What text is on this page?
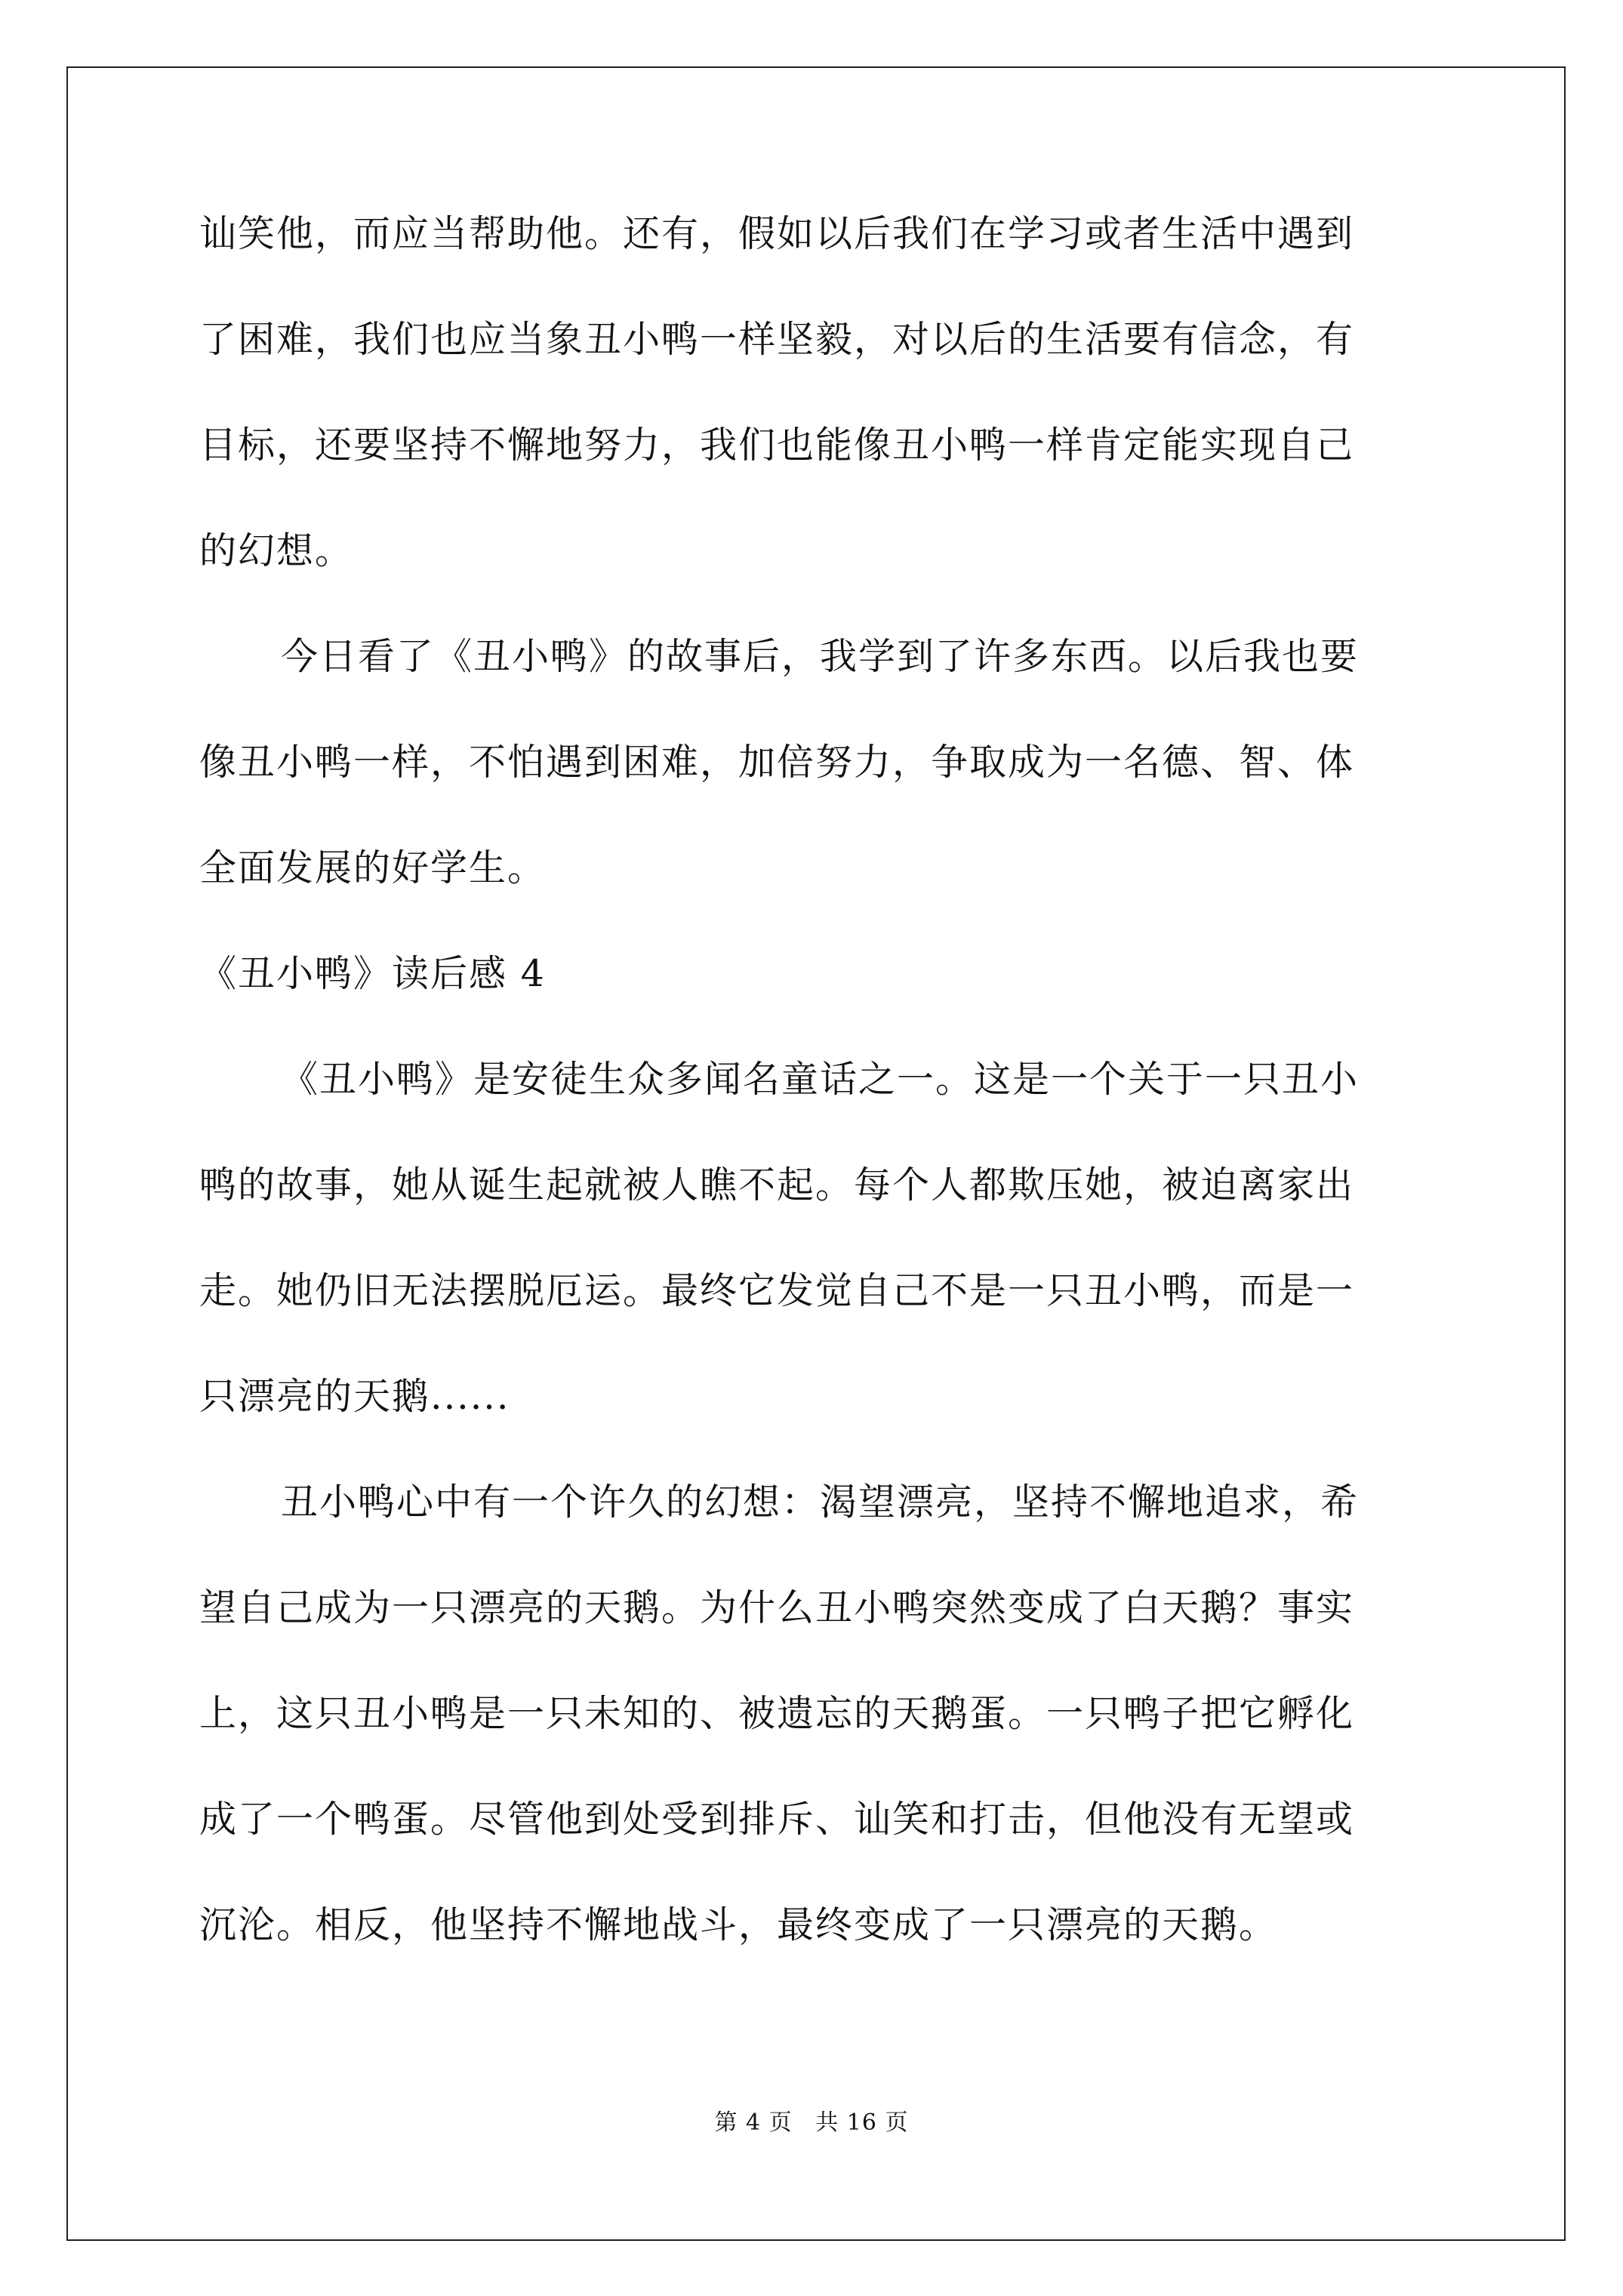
讪笑他，而应当帮助他。还有，假如以后我们在学习或者生活中遇到
了困难，我们也应当象丑小鸭一样坚毅，对以后的生活要有信念，有
目标，还要坚持不懈地努力，我们也能像丑小鸭一样肯定能实现自己
的幻想。
今日看了《丑小鸭》的故事后，我学到了许多东西。以后我也要
像丑小鸭一样，不怕遇到困难，加倍努力，争取成为一名德、智、体
全面发展的好学生。
《丑小鸭》读后感 4
《丑小鸭》是安徒生众多闻名童话之一。这是一个关于一只丑小
鸭的故事，她从诞生起就被人瞧不起。每个人都欺压她，被迫离家出
走。她仍旧无法摆脱厄运。最终它发觉自己不是一只丑小鸭，而是一
只漂亮的天鹅......
丑小鸭心中有一个许久的幻想：渴望漂亮，坚持不懈地追求，希
望自己成为一只漂亮的天鹅。为什么丑小鸭突然变成了白天鹅？事实
上，这只丑小鸭是一只未知的、被遗忘的天鹅蛋。一只鸭子把它孵化
成了一个鸭蛋。尽管他到处受到排斥、讪笑和打击，但他没有无望或
沉沦。相反，他坚持不懈地战斗，最终变成了一只漂亮的天鹅。
第 4 页 共 16 页
